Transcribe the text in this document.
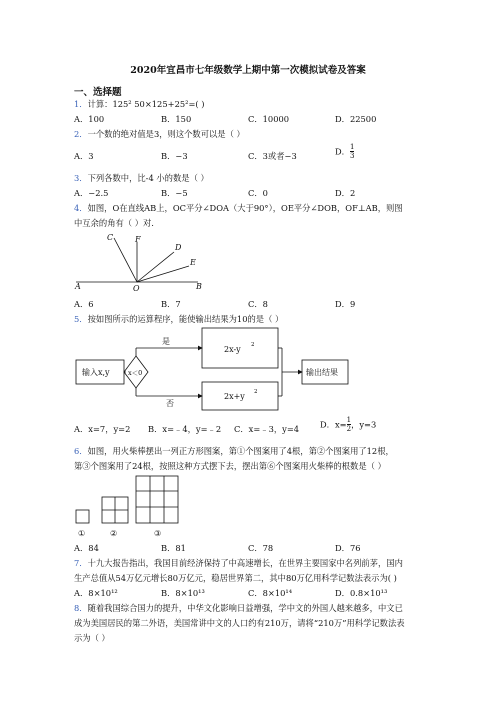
2020年宜昌市七年级数学上期中第一次模拟试卷及答案
一、选择题
1．计算：125² 50×125+25²=( )
A．100	B．150	C．10000	D．22500
2．一个数的绝对值是3，则这个数可以是（ ）
A．3	B．−3	C．3或者−3	D． $\frac{1}{3}$
3．下列各数中，比-4 小的数是（ ）
A．−2.5	B．−5	C．0	D．2
4．如图，O在直线AB上，OC平分∠DOA（大于90°），OE平分∠DOB，OF⊥AB，则图
中互余的角有（ ）对.
C	F
D
E
A	O	B
A．6	B．7	C．8	D．9
5．按如图所示的运算程序，能使输出结果为10的是（ ）
输入x,y	x＜0
是
否
2x-y 2
2x+y 2
输出结果
A．x=7，y=2 B．x=﹣4，y=﹣2 C．x=﹣3，y=4	D．$x= \frac{1}{2}$ ，y=3
6．如图，用火柴棒摆出一列正方形图案，第①个图案用了4根，第②个图案用了12根，
第③个图案用了24根，按照这种方式摆下去，摆出第⑥个图案用火柴棒的根数是（ ）
①	②	③
A．84	B．81	C．78	D．76
7．十九大报告指出，我国目前经济保持了中高速增长，在世界主要国家中名列前茅，国内
生产总值从54万亿元增长80万亿元，稳居世界第二，其中80万亿用科学记数法表示为( )
A．8×10¹²	B．8×10¹³	C．8×10¹⁴	D．0.8×10¹³
8．随着我国综合国力的提升，中华文化影响日益增强，学中文的外国人越来越多，中文已
成为美国居民的第二外语，美国常讲中文的人口约有210万，请将“210万”用科学记数法表
示为（ ）
